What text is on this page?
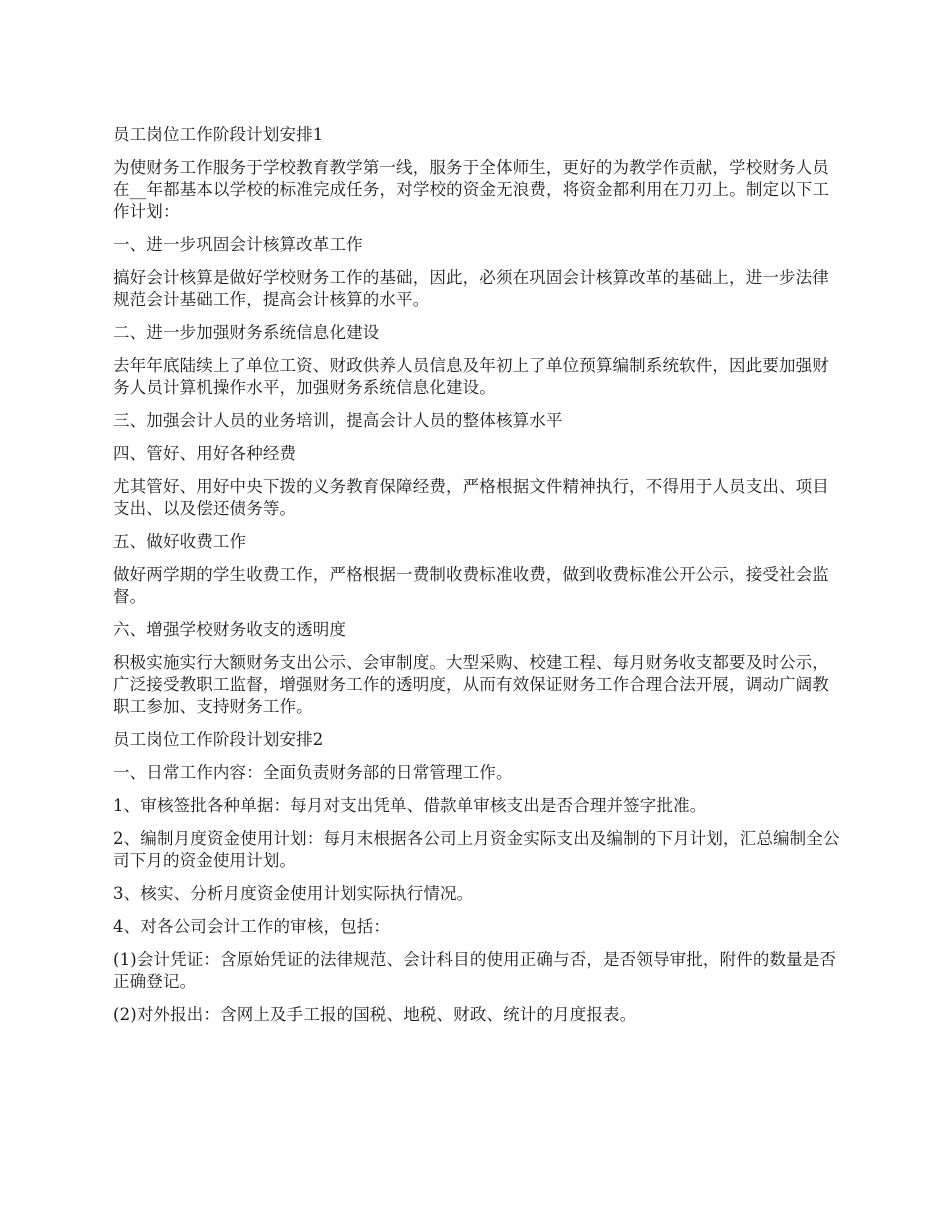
员工岗位工作阶段计划安排1

为使财务工作服务于学校教育教学第一线，服务于全体师生，更好的为教学作贡献，学校财务人员在__年都基本以学校的标准完成任务，对学校的资金无浪费，将资金都利用在刀刃上。制定以下工作计划：

一、进一步巩固会计核算改革工作

搞好会计核算是做好学校财务工作的基础，因此，必须在巩固会计核算改革的基础上，进一步法律规范会计基础工作，提高会计核算的水平。

二、进一步加强财务系统信息化建设

去年年底陆续上了单位工资、财政供养人员信息及年初上了单位预算编制系统软件，因此要加强财务人员计算机操作水平，加强财务系统信息化建设。

三、加强会计人员的业务培训，提高会计人员的整体核算水平

四、管好、用好各种经费

尤其管好、用好中央下拨的义务教育保障经费，严格根据文件精神执行，不得用于人员支出、项目支出、以及偿还债务等。

五、做好收费工作

做好两学期的学生收费工作，严格根据一费制收费标准收费，做到收费标准公开公示，接受社会监督。

六、增强学校财务收支的透明度

积极实施实行大额财务支出公示、会审制度。大型采购、校建工程、每月财务收支都要及时公示，广泛接受教职工监督，增强财务工作的透明度，从而有效保证财务工作合理合法开展，调动广阔教职工参加、支持财务工作。

员工岗位工作阶段计划安排2

一、日常工作内容：全面负责财务部的日常管理工作。

1、审核签批各种单据：每月对支出凭单、借款单审核支出是否合理并签字批准。

2、编制月度资金使用计划：每月末根据各公司上月资金实际支出及编制的下月计划，汇总编制全公司下月的资金使用计划。

3、核实、分析月度资金使用计划实际执行情况。

4、对各公司会计工作的审核，包括：

(1)会计凭证：含原始凭证的法律规范、会计科目的使用正确与否，是否领导审批，附件的数量是否正确登记。

(2)对外报出：含网上及手工报的国税、地税、财政、统计的月度报表。
